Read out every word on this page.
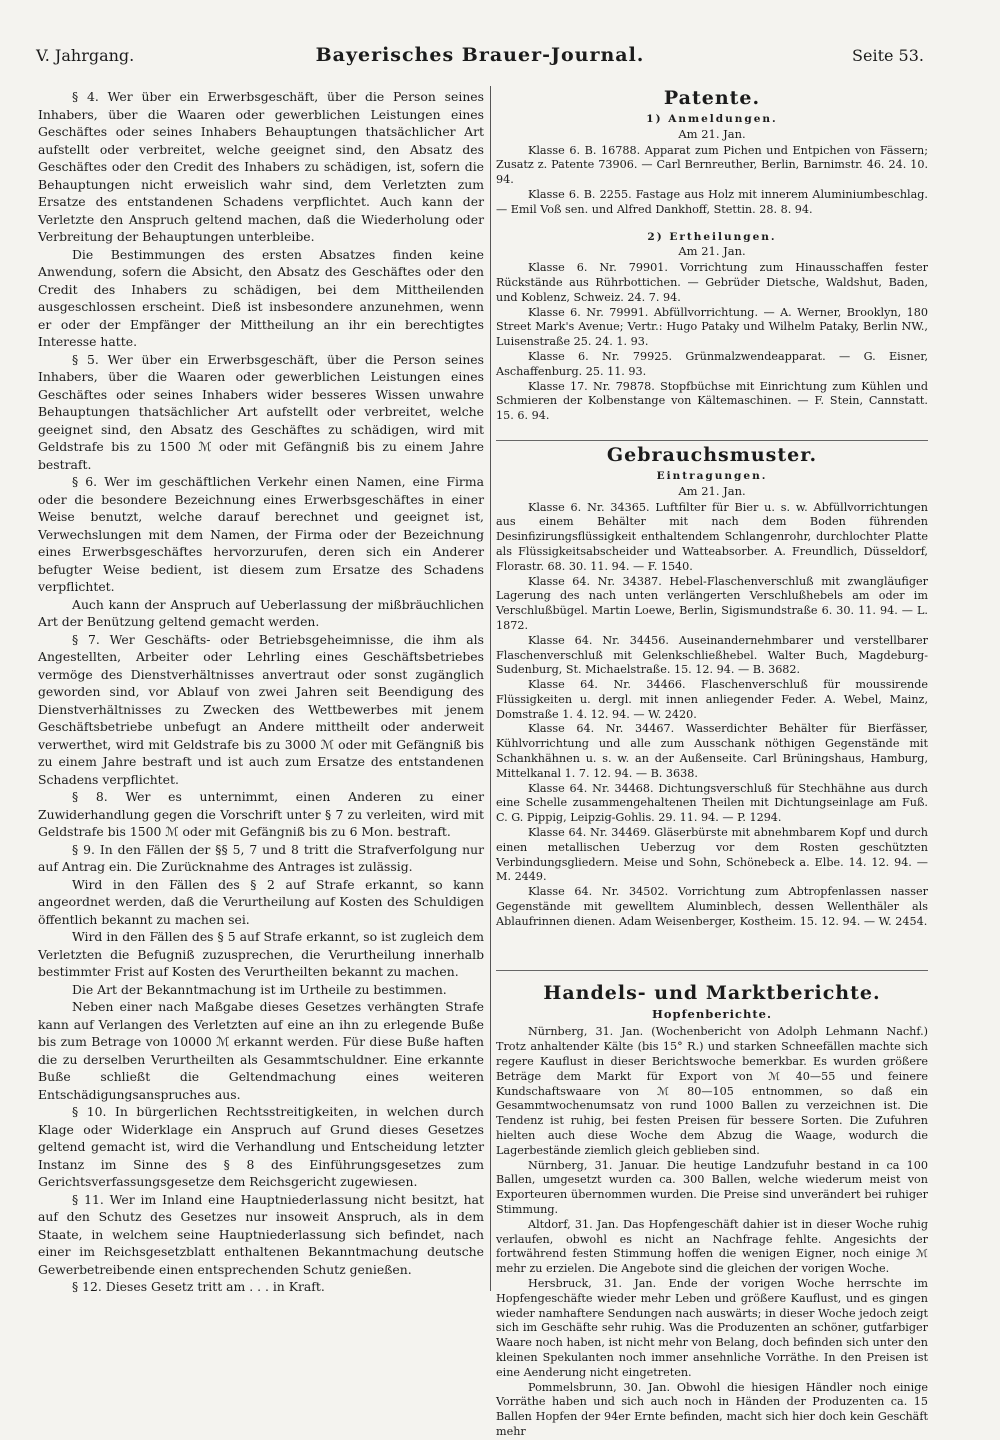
V. Jahrgang.	Bayerisches Brauer-Journal.	Seite 53.

§ 4. Wer über ein Erwerbsgeschäft, über die Person seines Inhabers, über die Waaren oder gewerblichen Leistungen eines Geschäftes oder seines Inhabers Behauptungen thatsächlicher Art aufstellt oder verbreitet, welche geeignet sind, den Absatz des Geschäftes oder den Credit des Inhabers zu schädigen, ist, sofern die Behauptungen nicht erweislich wahr sind, dem Verletzten zum Ersatze des entstandenen Schadens verpflichtet. Auch kann der Verletzte den Anspruch geltend machen, daß die Wiederholung oder Verbreitung der Behauptungen unterbleibe.

Die Bestimmungen des ersten Absatzes finden keine Anwendung, sofern die Absicht, den Absatz des Geschäftes oder den Credit des Inhabers zu schädigen, bei dem Mittheilenden ausgeschlossen erscheint. Dieß ist insbesondere anzunehmen, wenn er oder der Empfänger der Mittheilung an ihr ein berechtigtes Interesse hatte.

§ 5. Wer über ein Erwerbsgeschäft, über die Person seines Inhabers, über die Waaren oder gewerblichen Leistungen eines Geschäftes oder seines Inhabers wider besseres Wissen unwahre Behauptungen thatsächlicher Art aufstellt oder verbreitet, welche geeignet sind, den Absatz des Geschäftes zu schädigen, wird mit Geldstrafe bis zu 1500 ℳ oder mit Gefängniß bis zu einem Jahre bestraft.

§ 6. Wer im geschäftlichen Verkehr einen Namen, eine Firma oder die besondere Bezeichnung eines Erwerbsgeschäftes in einer Weise benutzt, welche darauf berechnet und geeignet ist, Verwechslungen mit dem Namen, der Firma oder der Bezeichnung eines Erwerbsgeschäftes hervorzurufen, deren sich ein Anderer befugter Weise bedient, ist diesem zum Ersatze des Schadens verpflichtet.

Auch kann der Anspruch auf Ueberlassung der mißbräuchlichen Art der Benützung geltend gemacht werden.

§ 7. Wer Geschäfts- oder Betriebsgeheimnisse, die ihm als Angestellten, Arbeiter oder Lehrling eines Geschäftsbetriebes vermöge des Dienstverhältnisses anvertraut oder sonst zugänglich geworden sind, vor Ablauf von zwei Jahren seit Beendigung des Dienstverhältnisses zu Zwecken des Wettbewerbes mit jenem Geschäftsbetriebe unbefugt an Andere mittheilt oder anderweit verwerthet, wird mit Geldstrafe bis zu 3000 ℳ oder mit Gefängniß bis zu einem Jahre bestraft und ist auch zum Ersatze des entstandenen Schadens verpflichtet.

§ 8. Wer es unternimmt, einen Anderen zu einer Zuwiderhandlung gegen die Vorschrift unter § 7 zu verleiten, wird mit Geldstrafe bis 1500 ℳ oder mit Gefängniß bis zu 6 Mon. bestraft.

§ 9. In den Fällen der §§ 5, 7 und 8 tritt die Strafverfolgung nur auf Antrag ein. Die Zurücknahme des Antrages ist zulässig.

Wird in den Fällen des § 2 auf Strafe erkannt, so kann angeordnet werden, daß die Verurtheilung auf Kosten des Schuldigen öffentlich bekannt zu machen sei.

Wird in den Fällen des § 5 auf Strafe erkannt, so ist zugleich dem Verletzten die Befugniß zuzusprechen, die Verurtheilung innerhalb bestimmter Frist auf Kosten des Verurtheilten bekannt zu machen.

Die Art der Bekanntmachung ist im Urtheile zu bestimmen.

Neben einer nach Maßgabe dieses Gesetzes verhängten Strafe kann auf Verlangen des Verletzten auf eine an ihn zu erlegende Buße bis zum Betrage von 10000 ℳ erkannt werden. Für diese Buße haften die zu derselben Verurtheilten als Gesammtschuldner. Eine erkannte Buße schließt die Geltendmachung eines weiteren Entschädigungsanspruches aus.

§ 10. In bürgerlichen Rechtsstreitigkeiten, in welchen durch Klage oder Widerklage ein Anspruch auf Grund dieses Gesetzes geltend gemacht ist, wird die Verhandlung und Entscheidung letzter Instanz im Sinne des § 8 des Einführungsgesetzes zum Gerichtsverfassungsgesetze dem Reichsgericht zugewiesen.

§ 11. Wer im Inland eine Hauptniederlassung nicht besitzt, hat auf den Schutz des Gesetzes nur insoweit Anspruch, als in dem Staate, in welchem seine Hauptniederlassung sich befindet, nach einer im Reichsgesetzblatt enthaltenen Bekanntmachung deutsche Gewerbetreibende einen entsprechenden Schutz genießen.

§ 12. Dieses Gesetz tritt am . . . in Kraft.

Patente.
1) Anmeldungen.
Am 21. Jan.

Klasse 6. B. 16788. Apparat zum Pichen und Entpichen von Fässern; Zusatz z. Patente 73906. — Carl Bernreuther, Berlin, Barnimstr. 46. 24. 10. 94.

Klasse 6. B. 2255. Fastage aus Holz mit innerem Aluminiumbeschlag. — Emil Voß sen. und Alfred Dankhoff, Stettin. 28. 8. 94.

2) Ertheilungen.
Am 21. Jan.

Klasse 6. Nr. 79901. Vorrichtung zum Hinausschaffen fester Rückstände aus Rührbottichen. — Gebrüder Dietsche, Waldshut, Baden, und Koblenz, Schweiz. 24. 7. 94.

Klasse 6. Nr. 79991. Abfüllvorrichtung. — A. Werner, Brooklyn, 180 Street Mark's Avenue; Vertr.: Hugo Pataky und Wilhelm Pataky, Berlin NW., Luisenstraße 25. 24. 1. 93.

Klasse 6. Nr. 79925. Grünmalzwendeapparat. — G. Eisner, Aschaffenburg. 25. 11. 93.

Klasse 17. Nr. 79878. Stopfbüchse mit Einrichtung zum Kühlen und Schmieren der Kolbenstange von Kältemaschinen. — F. Stein, Cannstatt. 15. 6. 94.

Gebrauchsmuster.
Eintragungen.
Am 21. Jan.

Klasse 6. Nr. 34365. Luftfilter für Bier u. s. w. Abfüllvorrichtungen aus einem Behälter mit nach dem Boden führenden Desinfizirungsflüssigkeit enthaltendem Schlangenrohr, durchlochter Platte als Flüssigkeitsabscheider und Watteabsorber. A. Freundlich, Düsseldorf, Florastr. 68. 30. 11. 94. — F. 1540.

Klasse 64. Nr. 34387. Hebel-Flaschenverschluß mit zwangläufiger Lagerung des nach unten verlängerten Verschlußhebels am oder im Verschlußbügel. Martin Loewe, Berlin, Sigismundstraße 6. 30. 11. 94. — L. 1872.

Klasse 64. Nr. 34456. Auseinandernehmbarer und verstellbarer Flaschenverschluß mit Gelenkschließhebel. Walter Buch, Magdeburg-Sudenburg, St. Michaelstraße. 15. 12. 94. — B. 3682.

Klasse 64. Nr. 34466. Flaschenverschluß für moussirende Flüssigkeiten u. dergl. mit innen anliegender Feder. A. Webel, Mainz, Domstraße 1. 4. 12. 94. — W. 2420.

Klasse 64. Nr. 34467. Wasserdichter Behälter für Bierfässer, Kühlvorrichtung und alle zum Ausschank nöthigen Gegenstände mit Schankhähnen u. s. w. an der Außenseite. Carl Brüningshaus, Hamburg, Mittelkanal 1. 7. 12. 94. — B. 3638.

Klasse 64. Nr. 34468. Dichtungsverschluß für Stechhähne aus durch eine Schelle zusammengehaltenen Theilen mit Dichtungseinlage am Fuß. C. G. Pippig, Leipzig-Gohlis. 29. 11. 94. — P. 1294.

Klasse 64. Nr. 34469. Gläserbürste mit abnehmbarem Kopf und durch einen metallischen Ueberzug vor dem Rosten geschützten Verbindungsgliedern. Meise und Sohn, Schönebeck a. Elbe. 14. 12. 94. — M. 2449.

Klasse 64. Nr. 34502. Vorrichtung zum Abtropfenlassen nasser Gegenstände mit gewelltem Aluminblech, dessen Wellenthäler als Ablaufrinnen dienen. Adam Weisenberger, Kostheim. 15. 12. 94. — W. 2454.

Handels- und Marktberichte.
Hopfenberichte.

Nürnberg, 31. Jan. (Wochenbericht von Adolph Lehmann Nachf.) Trotz anhaltender Kälte (bis 15° R.) und starken Schneefällen machte sich regere Kauflust in dieser Berichtswoche bemerkbar. Es wurden größere Beträge dem Markt für Export von ℳ 40—55 und feinere Kundschaftswaare von ℳ 80—105 entnommen, so daß ein Gesammtwochenumsatz von rund 1000 Ballen zu verzeichnen ist. Die Tendenz ist ruhig, bei festen Preisen für bessere Sorten. Die Zufuhren hielten auch diese Woche dem Abzug die Waage, wodurch die Lagerbestände ziemlich gleich geblieben sind.

Nürnberg, 31. Januar. Die heutige Landzufuhr bestand in ca 100 Ballen, umgesetzt wurden ca. 300 Ballen, welche wiederum meist von Exporteuren übernommen wurden. Die Preise sind unverändert bei ruhiger Stimmung.

Altdorf, 31. Jan. Das Hopfengeschäft dahier ist in dieser Woche ruhig verlaufen, obwohl es nicht an Nachfrage fehlte. Angesichts der fortwährend festen Stimmung hoffen die wenigen Eigner, noch einige ℳ mehr zu erzielen. Die Angebote sind die gleichen der vorigen Woche.

Hersbruck, 31. Jan. Ende der vorigen Woche herrschte im Hopfengeschäfte wieder mehr Leben und größere Kauflust, und es gingen wieder namhaftere Sendungen nach auswärts; in dieser Woche jedoch zeigt sich im Geschäfte sehr ruhig. Was die Produzenten an schöner, gutfarbiger Waare noch haben, ist nicht mehr von Belang, doch befinden sich unter den kleinen Spekulanten noch immer ansehnliche Vorräthe. In den Preisen ist eine Aenderung nicht eingetreten.

Pommelsbrunn, 30. Jan. Obwohl die hiesigen Händler noch einige Vorräthe haben und sich auch noch in Händen der Produzenten ca. 15 Ballen Hopfen der 94er Ernte befinden, macht sich hier doch kein Geschäft mehr
